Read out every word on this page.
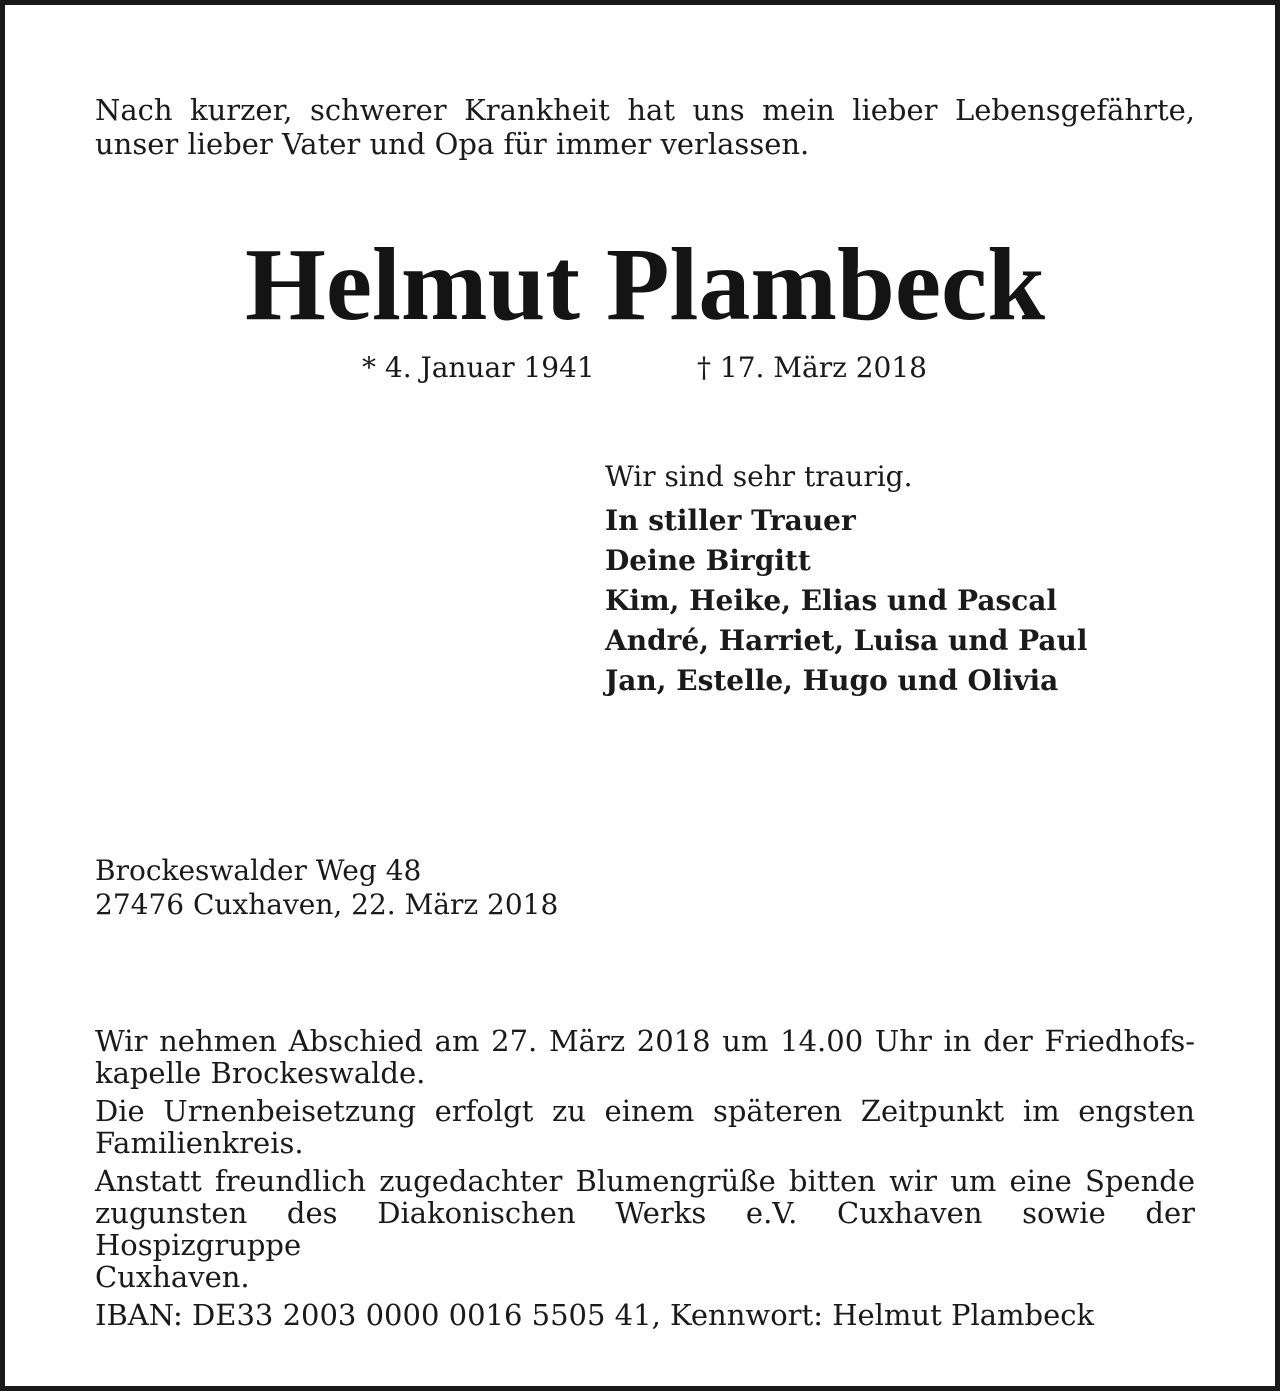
Nach kurzer, schwerer Krankheit hat uns mein lieber Lebensgefährte,
unser lieber Vater und Opa für immer verlassen.
Helmut Plambeck
* 4. Januar 1941	† 17. März 2018
Wir sind sehr traurig.
In stiller Trauer
Deine Birgitt
Kim, Heike, Elias und Pascal
André, Harriet, Luisa und Paul
Jan, Estelle, Hugo und Olivia
Brockeswalder Weg 48
27476 Cuxhaven, 22. März 2018

Wir nehmen Abschied am 27. März 2018 um 14.00 Uhr in der Friedhofs-
kapelle Brockeswalde.

Die Urnenbeisetzung erfolgt zu einem späteren Zeitpunkt im engsten
Familienkreis.

Anstatt freundlich zugedachter Blumengrüße bitten wir um eine Spende
zugunsten des Diakonischen Werks e.V. Cuxhaven sowie der Hospizgruppe
Cuxhaven.

IBAN: DE33 2003 0000 0016 5505 41, Kennwort: Helmut Plambeck
